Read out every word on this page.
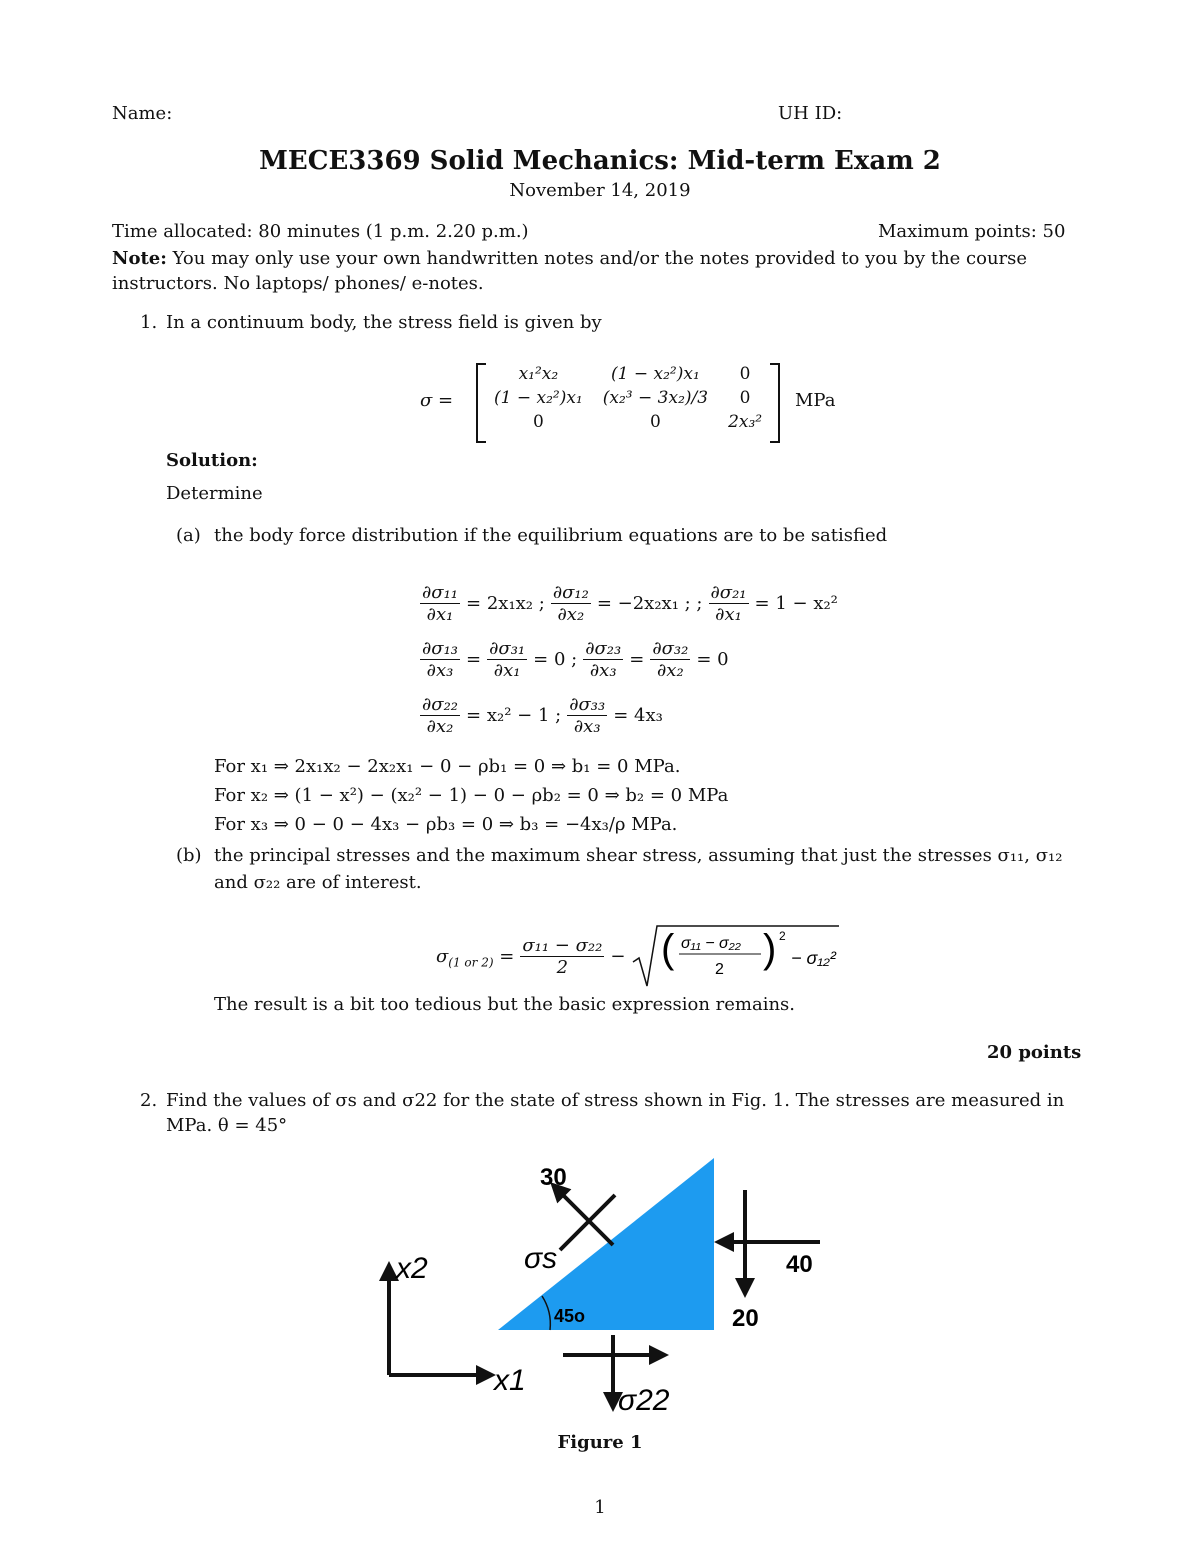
Name:	UH ID:
MECE3369 Solid Mechanics: Mid-term Exam 2
November 14, 2019
Time allocated: 80 minutes (1 p.m. 2.20 p.m.)	Maximum points: 50
Note: You may only use your own handwritten notes and/or the notes provided to you by the course
instructors. No laptops/ phones/ e-notes.
1. In a continuum body, the stress field is given by
σ =
x₁²x₂	(1 − x₂²)x₁	0
(1 − x₂²)x₁	(x₂³ − 3x₂)/3	0
0	0	2x₃²
MPa
Solution:
Determine
(a) the body force distribution if the equilibrium equations are to be satisfied
$\frac{\text{∂σ₁₁}}{\text{∂x₁}} = 2x_1x_2$ ; $\frac{\text{∂σ₁₂}}{\text{∂x₂}} = -2x_2x_1$ ; ; $\frac{\text{∂σ₂₁}}{\text{∂x₁}} = 1 - x_2^2$
$\frac{\text{∂σ₁₃}}{\text{∂x₃}} = \frac{\text{∂σ₃₁}}{\text{∂x₁}} = 0$ ; $\frac{\text{∂σ₂₃}}{\text{∂x₃}} = \frac{\text{∂σ₃₂}}{\text{∂x₂}} = 0$
$\frac{\text{∂σ₂₂}}{\text{∂x₂}} = x_2^2 - 1$ ; $\frac{\text{∂σ₃₃}}{\text{∂x₃}} = 4x_3$
For x₁ ⇒ 2x₁x₂ − 2x₂x₁ − 0 − ρb₁ = 0 ⇒ b₁ = 0 MPa.
For x₂ ⇒ (1 − x²) − (x₂² − 1) − 0 − ρb₂ = 0 ⇒ b₂ = 0 MPa
For x₃ ⇒ 0 − 0 − 4x₃ − ρb₃ = 0 ⇒ b₃ = −4x₃/ρ MPa.
(b) the principal stresses and the maximum shear stress, assuming that just the stresses σ₁₁, σ₁₂
and σ₂₂ are of interest.
$\sigma_{(1 or 2)} = \frac{\text{σ₁₁ − σ₂₂}}{2}$ − ( σ₁₁ − σ₂₂
2 ) 2
− σ₁₂²
The result is a bit too tedious but the basic expression remains.
20 points
2. Find the values of σs and σ22 for the state of stress shown in Fig. 1. The stresses are measured in
MPa. θ = 45°
45o
x2
x1
30
σs	40
20
σ22
Figure 1
1
